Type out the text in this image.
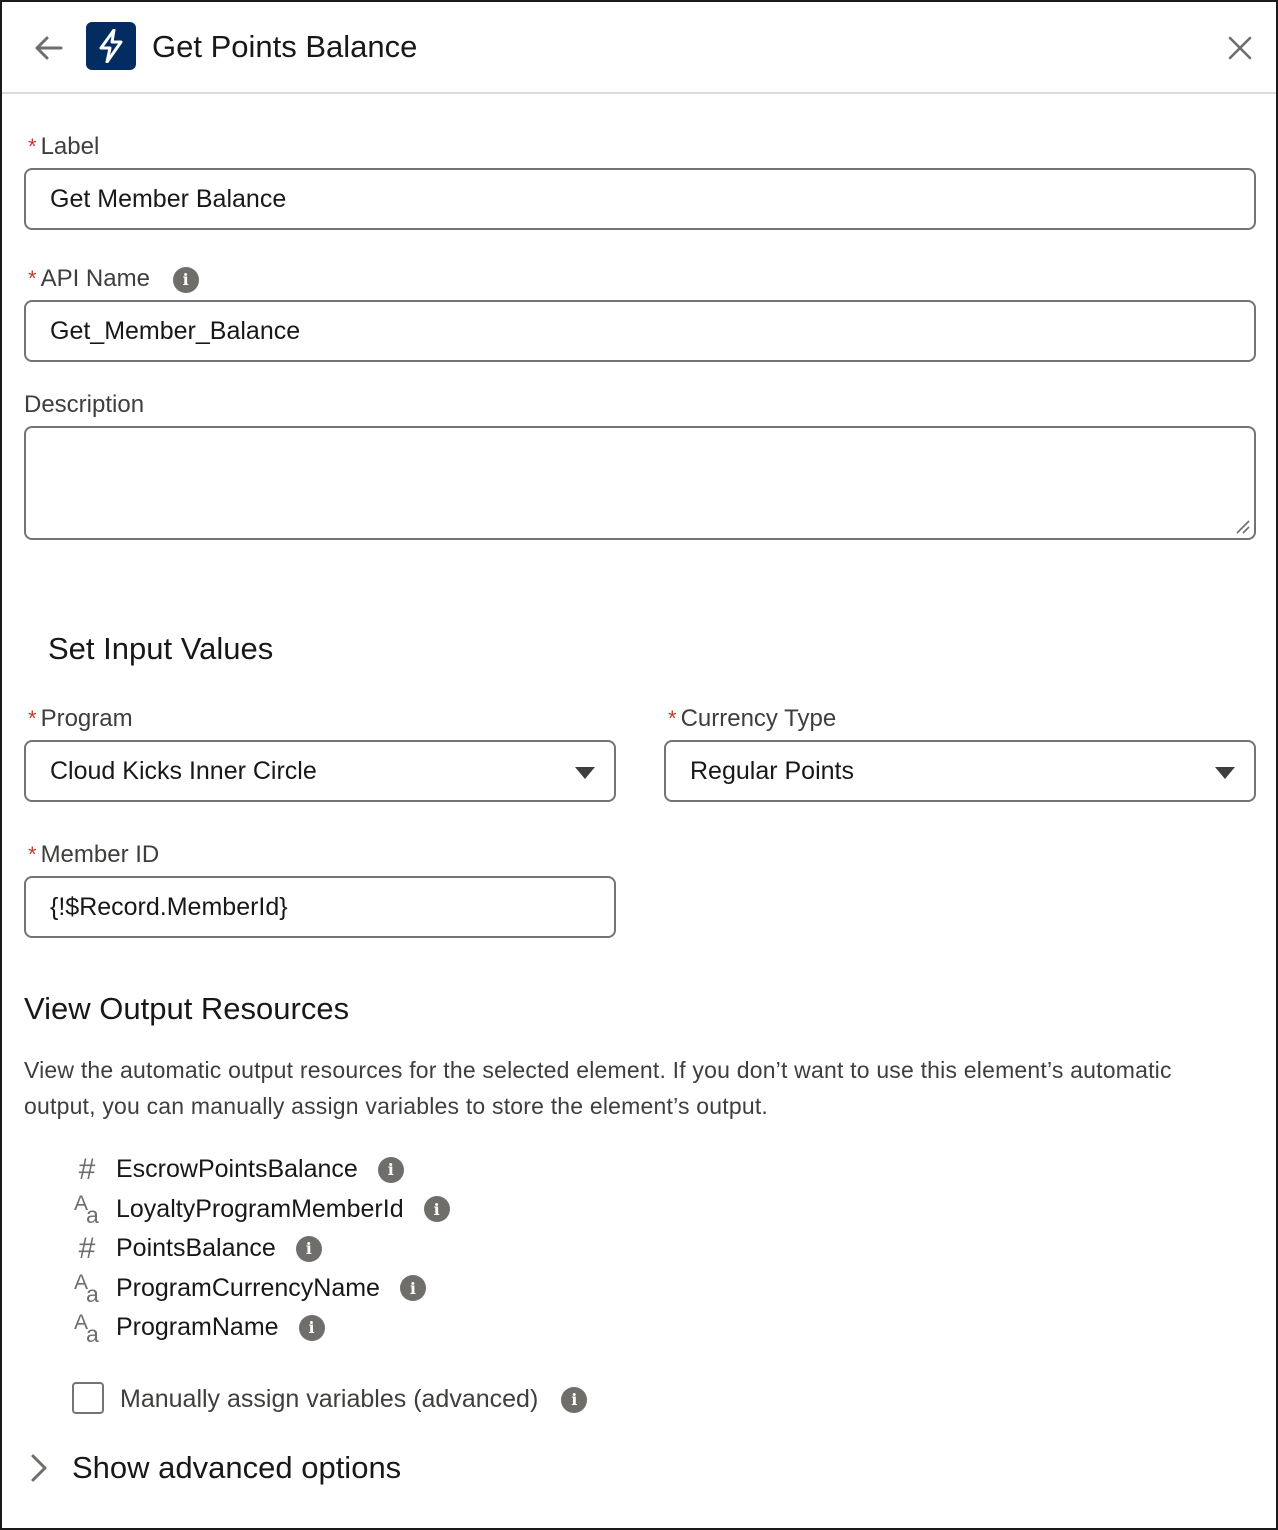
Get Points Balance
* Label
Get Member Balance
* API Name i
Get_Member_Balance
Description
Set Input Values
* Program
Cloud Kicks Inner Circle
* Currency Type
Regular Points
* Member ID
{!$Record.MemberId}
View Output Resources
View the automatic output resources for the selected element. If you don’t want to use this element’s automatic output, you can manually assign variables to store the element’s output.
# EscrowPointsBalance	i
A
a LoyaltyProgramMemberId	i
# PointsBalance	i
A
a ProgramCurrencyName	i
A
a ProgramName	i
Manually assign variables (advanced) i
Show advanced options
